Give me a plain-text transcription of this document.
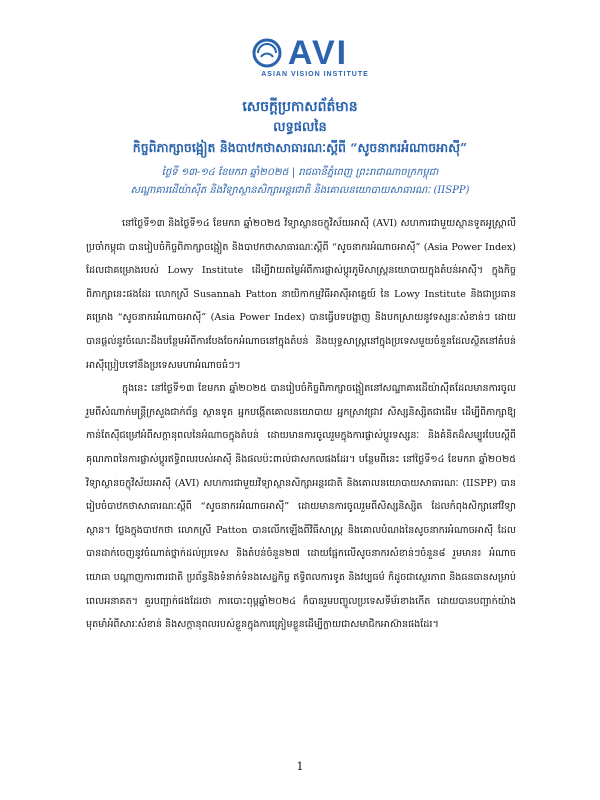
AVI
ASIAN VISION INSTITUTE
សេចក្តីប្រកាសព័ត៌មាន
លទ្ធផលនៃ
កិច្ចពិភាក្សាចង្អៀត និងបាឋកថាសាធារណៈស្តីពី “សូចនាករអំណាចអាស៊ី”
ថ្ងៃទី ១៣-១៤ ខែមករា ឆ្នាំ២០២៥ | រាជធានីភ្នំពេញ ព្រះរាជាណាចក្រកម្ពុជា
សណ្ឋាគារដើយ៉ាស៊ីត និងវិទ្យាស្ថានសិក្សាអន្តរជាតិ និងគោលនយោបាយសាធារណៈ (IISPP)

នៅថ្ងៃទី១៣ និងថ្ងៃទី១៤ ខែមករា ឆ្នាំ២០២៥ វិទ្យាស្ថានចក្ខុវិស័យអាស៊ី (AVI) សហការជាមួយស្ថានទូតអូស្ត្រាលីប្រចាំកម្ពុជា បានរៀបចំកិច្ចពិភាក្សាចង្អៀត និងបាឋកថាសាធារណៈស្តីពី “សូចនាករអំណាចអាស៊ី” (Asia Power Index) ដែលជាគម្រោងរបស់ Lowy Institute ដើម្បីវាយតម្លៃអំពីការផ្លាស់ប្តូរភូមិសាស្ត្រនយោបាយក្នុងតំបន់អាស៊ី។ ក្នុងកិច្ចពិភាក្សានេះផងដែរ លោកស្រី Susannah Patton នាយិកាកម្មវិធីអាស៊ីអាគ្នេយ៍ នៃ Lowy Institute និងជាប្រធានគម្រោង “សូចនាករអំណាចអាស៊ី” (Asia Power Index) បានធ្វើបទបង្ហាញ និងបកស្រាយនូវទស្សនៈសំខាន់ៗ ដោយបានផ្តល់នូវចំណេះដឹងបន្ថែមអំពីការបែងចែកអំណាចនៅក្នុងតំបន់ និងយុទ្ធសាស្ត្រនៅក្នុងប្រទេសមួយចំនួនដែលស្ថិតនៅតំបន់អាស៊ីប្រៀបទៅនឹងប្រទេសមហាអំណាចធំៗ។

ក្នុងនេះ នៅថ្ងៃទី១៣ ខែមករា ឆ្នាំ២០២៥ បានរៀបចំកិច្ចពិភាក្សាចង្អៀតនៅសណ្ឋាគារដើយ៉ាស៊ីតដែលមានការចូលរួមពីសំណាក់មន្ត្រីក្រសួងជាក់ព័ន្ធ ស្ថានទូត អ្នកបង្កើតគោលនយោបាយ អ្នកស្រាវជ្រាវ សិស្សនិស្សិតជាដើម ដើម្បីពិភាក្សាឱ្យកាន់តែស៊ីជម្រៅអំពីសក្តានុពលនៃអំណាចក្នុងតំបន់ ដោយមានការចូលរួមក្នុងការផ្លាស់ប្តូរទស្សនៈ និងគំនិតដ៏សម្បូរបែបស្តីពីគុណភាពនៃការផ្លាស់ប្តូរឥទ្ធិពលរបស់អាស៊ី និងផលប៉ះពាល់ជាសកលផងដែរ។ បន្ថែមពីនេះ នៅថ្ងៃទី១៤ ខែមករា ឆ្នាំ២០២៥ វិទ្យាស្ថានចក្ខុវិស័យអាស៊ី (AVI) សហការជាមួយវិទ្យាស្ថានសិក្សាអន្តរជាតិ និងគោលនយោបាយសាធារណៈ (IISPP) បានរៀបចំបាឋកថាសាធារណៈស្តីពី “សូចនាករអំណាចអាស៊ី” ដោយមានការចូលរួមពីសិស្សនិស្សិត ដែលកំពុងសិក្សានៅវិទ្យាស្ថាន។ ថ្លែងក្នុងបាឋកថា លោកស្រី Patton បានលើកឡើងពីវិធីសាស្ត្រ និងគោលបំណងនៃសូចនាករអំណាចអាស៊ី ដែលបានដាក់ចេញនូវចំណាត់ថ្នាក់ដល់ប្រទេស និងតំបន់ចំនួន២៧ ដោយផ្អែកលើសូចនាករសំខាន់ៗចំនួន៨ រួមមាន៖ អំណាចយោធា បណ្តាញការពារជាតិ ប្រព័ន្ធនិងទំនាក់ទំនងសេដ្ឋកិច្ច ឥទ្ធិពលការទូត និងវប្បធម៌ ក៏ដូចជាស្ថេរភាព និងធនធានសម្រាប់ពេលអនាគត។ គួរបញ្ជាក់ផងដែរថា ការបោះពុម្ពឆ្នាំ២០២៤ ក៏បានរួមបញ្ចូលប្រទេសទីម័រខាងកើត ដោយបានបញ្ជាក់យ៉ាងមុតមាំអំពីសារៈសំខាន់ និងសក្តានុពលរបស់ខ្លួនក្នុងការត្រៀមខ្លួនដើម្បីក្លាយជាសមាជិកអាស៊ានផងដែរ។

1
